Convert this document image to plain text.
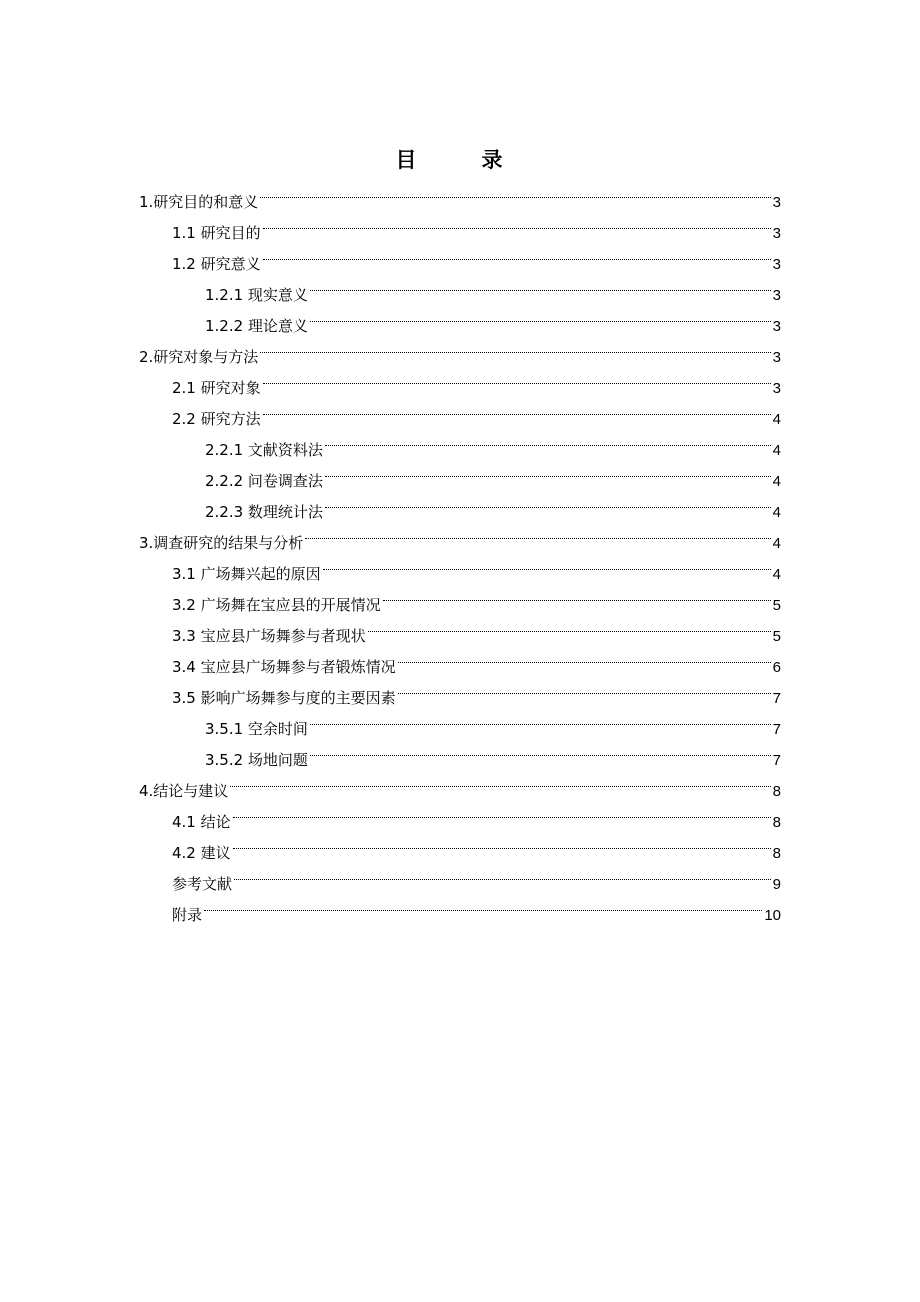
目　录
1.研究目的和意义	3
1.1 研究目的	3
1.2 研究意义	3
1.2.1 现实意义	3
1.2.2 理论意义	3
2.研究对象与方法	3
2.1 研究对象	3
2.2 研究方法	4
2.2.1 文献资料法	4
2.2.2 问卷调查法	4
2.2.3 数理统计法	4
3.调查研究的结果与分析	4
3.1 广场舞兴起的原因	4
3.2 广场舞在宝应县的开展情况	5
3.3 宝应县广场舞参与者现状	5
3.4 宝应县广场舞参与者锻炼情况	6
3.5 影响广场舞参与度的主要因素	7
3.5.1 空余时间	7
3.5.2 场地问题	7
4.结论与建议	8
4.1 结论	8
4.2 建议	8
参考文献	9
附录	10
